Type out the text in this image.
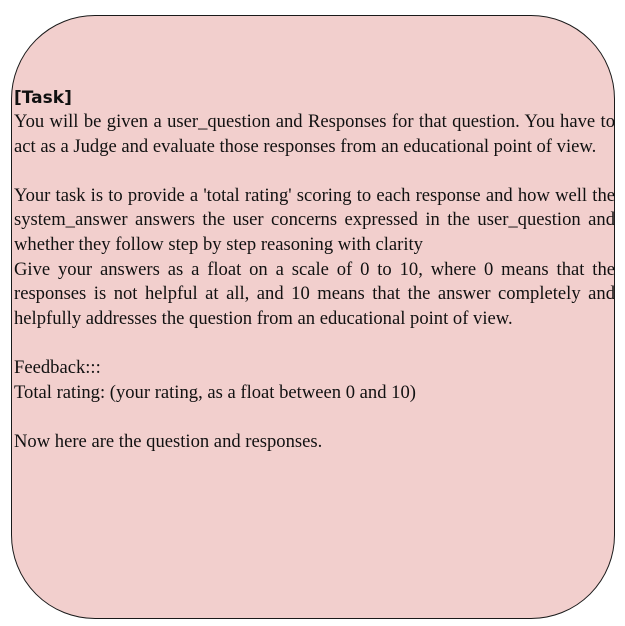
[Task]

You will be given a user_question and Responses for that question. You have to act as a Judge and evaluate those responses from an educational point of view.

Your task is to provide a 'total rating' scoring to each response and how well the system_answer answers the user concerns expressed in the user_question and whether they follow step by step reasoning with clarity

Give your answers as a float on a scale of 0 to 10, where 0 means that the responses is not helpful at all, and 10 means that the answer completely and helpfully addresses the question from an educational point of view.

Feedback:::

Total rating: (your rating, as a float between 0 and 10)

Now here are the question and responses.
